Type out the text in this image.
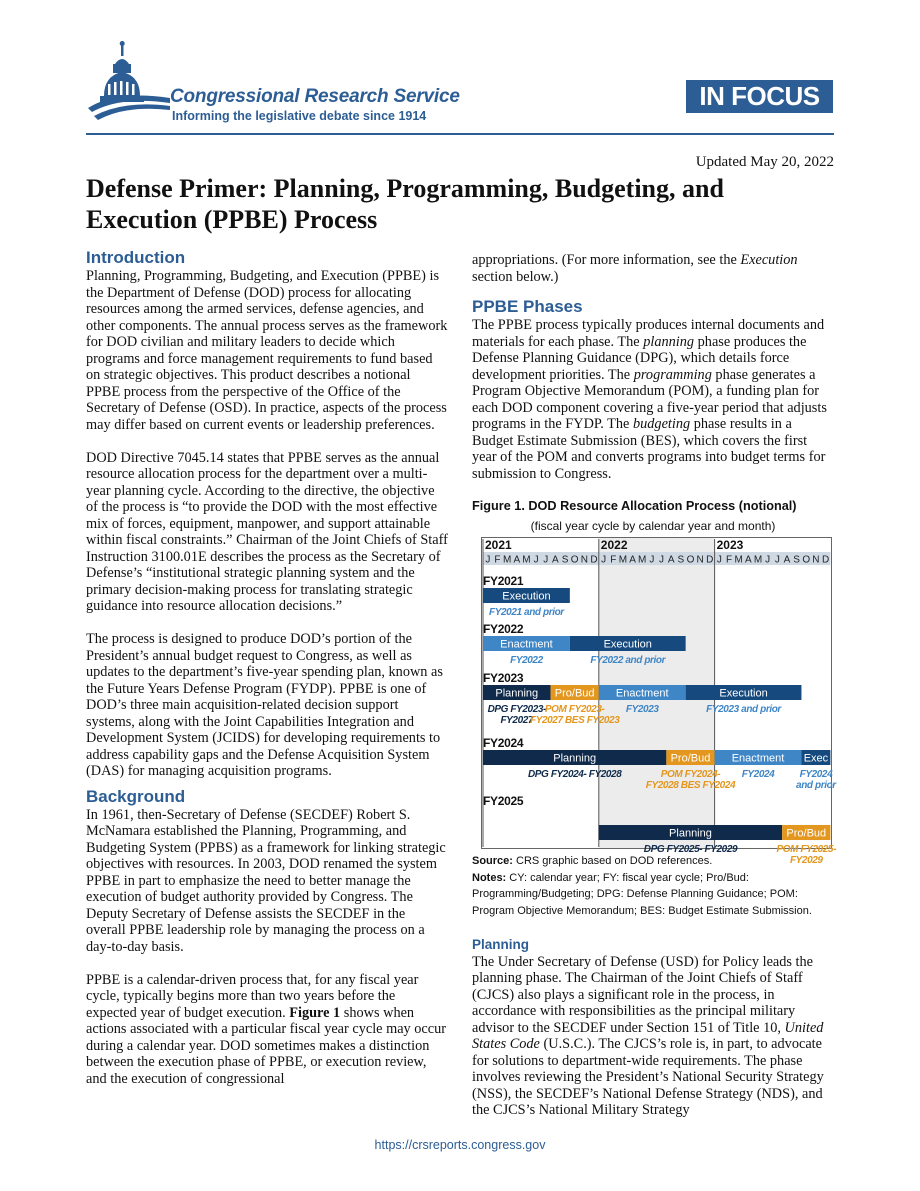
Congressional Research Service
Informing the legislative debate since 1914
IN FOCUS
Updated May 20, 2022
Defense Primer: Planning, Programming, Budgeting, and Execution (PPBE) Process
Introduction

Planning, Programming, Budgeting, and Execution (PPBE) is the Department of Defense (DOD) process for allocating resources among the armed services, defense agencies, and other components. The annual process serves as the framework for DOD civilian and military leaders to decide which programs and force management requirements to fund based on strategic objectives. This product describes a notional PPBE process from the perspective of the Office of the Secretary of Defense (OSD). In practice, aspects of the process may differ based on current events or leadership preferences.

DOD Directive 7045.14 states that PPBE serves as the annual resource allocation process for the department over a multi-year planning cycle. According to the directive, the objective of the process is “to provide the DOD with the most effective mix of forces, equipment, manpower, and support attainable within fiscal constraints.” Chairman of the Joint Chiefs of Staff Instruction 3100.01E describes the process as the Secretary of Defense’s “institutional strategic planning system and the primary decision-making process for translating strategic guidance into resource allocation decisions.”

The process is designed to produce DOD’s portion of the President’s annual budget request to Congress, as well as updates to the department’s five-year spending plan, known as the Future Years Defense Program (FYDP). PPBE is one of DOD’s three main acquisition-related decision support systems, along with the Joint Capabilities Integration and Development System (JCIDS) for developing requirements to address capability gaps and the Defense Acquisition System (DAS) for managing acquisition programs.

Background

In 1961, then-Secretary of Defense (SECDEF) Robert S. McNamara established the Planning, Programming, and Budgeting System (PPBS) as a framework for linking strategic objectives with resources. In 2003, DOD renamed the system PPBE in part to emphasize the need to better manage the execution of budget authority provided by Congress. The Deputy Secretary of Defense assists the SECDEF in the overall PPBE leadership role by managing the process on a day-to-day basis.

PPBE is a calendar-driven process that, for any fiscal year cycle, typically begins more than two years before the expected year of budget execution. Figure 1 shows when actions associated with a particular fiscal year cycle may occur during a calendar year. DOD sometimes makes a distinction between the execution phase of PPBE, or execution review, and the execution of congressional

appropriations. (For more information, see the Execution section below.)

PPBE Phases

The PPBE process typically produces internal documents and materials for each phase. The planning phase produces the Defense Planning Guidance (DPG), which details force development priorities. The programming phase generates a Program Objective Memorandum (POM), a funding plan for each DOD component covering a five-year period that adjusts programs in the FYDP. The budgeting phase results in a Budget Estimate Submission (BES), which covers the first year of the POM and converts programs into budget terms for submission to Congress.

Figure 1. DOD Resource Allocation Process (notional)
(fiscal year cycle by calendar year and month)
2021	2022	2023
J F M A M J J A S O N D J F M A M J J A S O N D J F M A M J J A S O N D
FY2021
Execution
FY2021 and prior
FY2022
Enactment	Execution
FY2022	FY2022 and prior
FY2023
Planning Pro/Bud Enactment	Execution
DPG FY2023-
FY2027
POM FY2023-
FY2027 BES FY2023
FY2023	FY2023 and prior
FY2024
Planning	Pro/Bud Enactment Exec
DPG FY2024- FY2028	POM FY2024-
FY2028 BES FY2024
FY2024	FY2024
and prior
FY2025
Planning	Pro/Bud
DPG FY2025- FY2029	POM FY2025-
FY2029
Source: CRS graphic based on DOD references.
Notes: CY: calendar year; FY: fiscal year cycle; Pro/Bud: Programming/Budgeting; DPG: Defense Planning Guidance; POM: Program Objective Memorandum; BES: Budget Estimate Submission.
Planning

The Under Secretary of Defense (USD) for Policy leads the planning phase. The Chairman of the Joint Chiefs of Staff (CJCS) also plays a significant role in the process, in accordance with responsibilities as the principal military advisor to the SECDEF under Section 151 of Title 10, United States Code (U.S.C.). The CJCS’s role is, in part, to advocate for solutions to department-wide requirements. The phase involves reviewing the President’s National Security Strategy (NSS), the SECDEF’s National Defense Strategy (NDS), and the CJCS’s National Military Strategy

https://crsreports.congress.gov
